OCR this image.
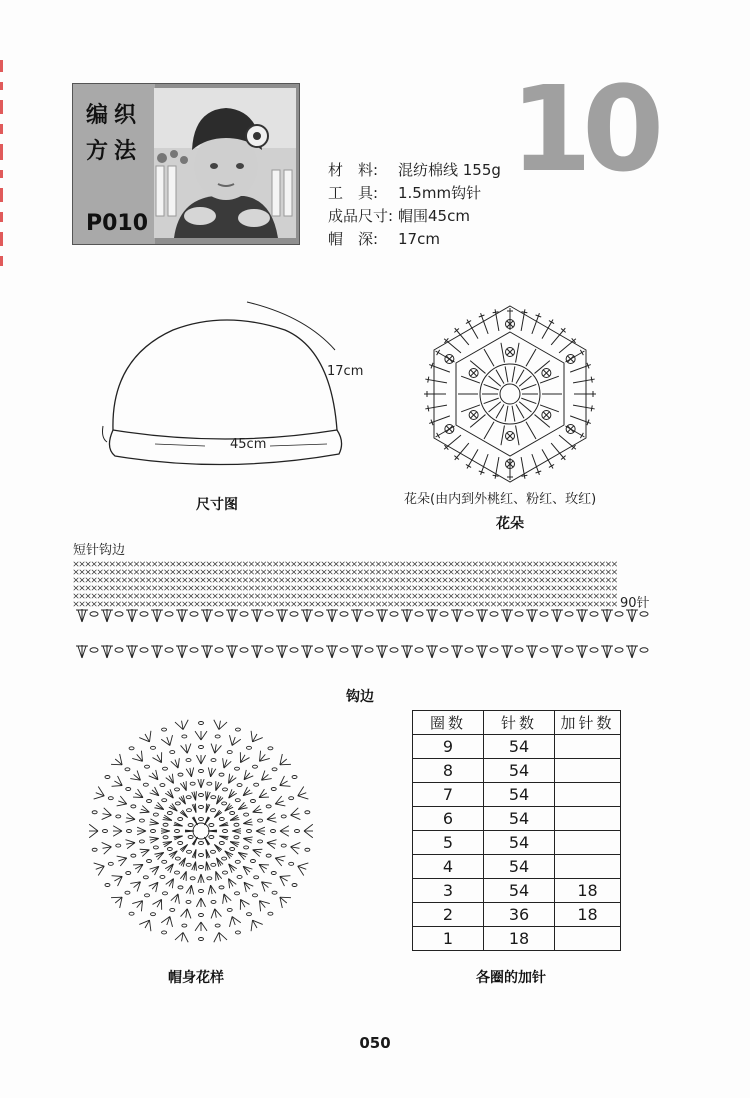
编织
方法
P010
10
材　料: 混纺棉线 155g
工　具: 1.5mm钩针
成品尺寸: 帽围45cm
帽　深: 17cm
17cm
45cm
尺寸图	花朵(由内到外桃红、粉红、玫红)
花朵
短针钩边
90针
钩边
帽身花样
圈数	针数	加针数
9	54	
8	54	
7	54	
6	54	
5	54	
4	54	
3	54	18
2	36	18
1	18	
各圈的加针
050
